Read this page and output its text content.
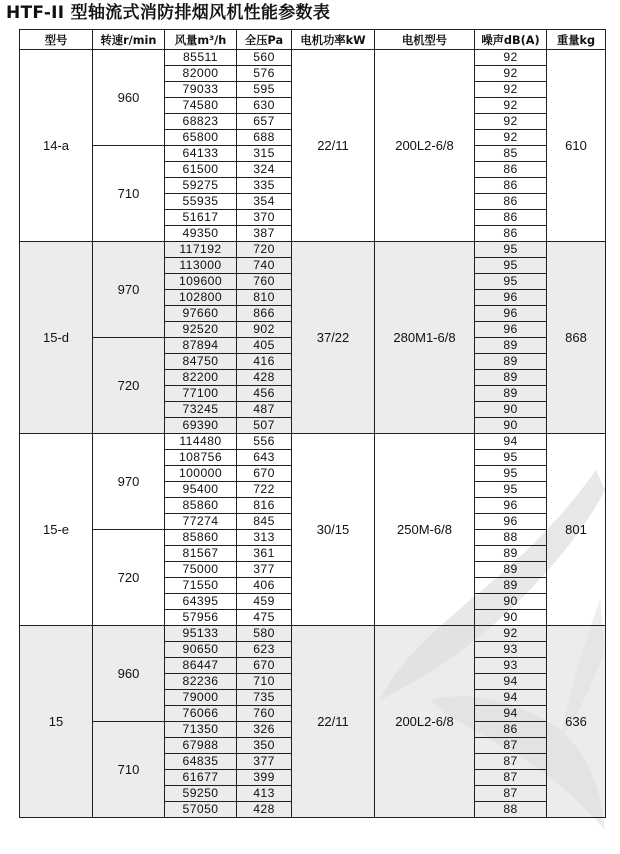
HTF-II 型轴流式消防排烟风机性能参数表
型号	转速r/min	风量m³/h	全压Pa	电机功率kW	电机型号	噪声dB(A)	重量kg
14-a	960	85511	560	22/11	200L2-6/8	92	610
		82000	576			92	
		79033	595			92	
		74580	630			92	
		68823	657			92	
		65800	688			92	
	710	64133	315			85	
		61500	324			86	
		59275	335			86	
		55935	354			86	
		51617	370			86	
		49350	387			86	
15-d	970	117192	720	37/22	280M1-6/8	95	868
		113000	740			95	
		109600	760			95	
		102800	810			96	
		97660	866			96	
		92520	902			96	
	720	87894	405			89	
		84750	416			89	
		82200	428			89	
		77100	456			89	
		73245	487			90	
		69390	507			90	
15-e	970	114480	556	30/15	250M-6/8	94	801
		108756	643			95	
		100000	670			95	
		95400	722			95	
		85860	816			96	
		77274	845			96	
	720	85860	313			88	
		81567	361			89	
		75000	377			89	
		71550	406			89	
		64395	459			90	
		57956	475			90	
15	960	95133	580	22/11	200L2-6/8	92	636
		90650	623			93	
		86447	670			93	
		82236	710			94	
		79000	735			94	
		76066	760			94	
	710	71350	326			86	
		67988	350			87	
		64835	377			87	
		61677	399			87	
		59250	413			87	
		57050	428			88	
